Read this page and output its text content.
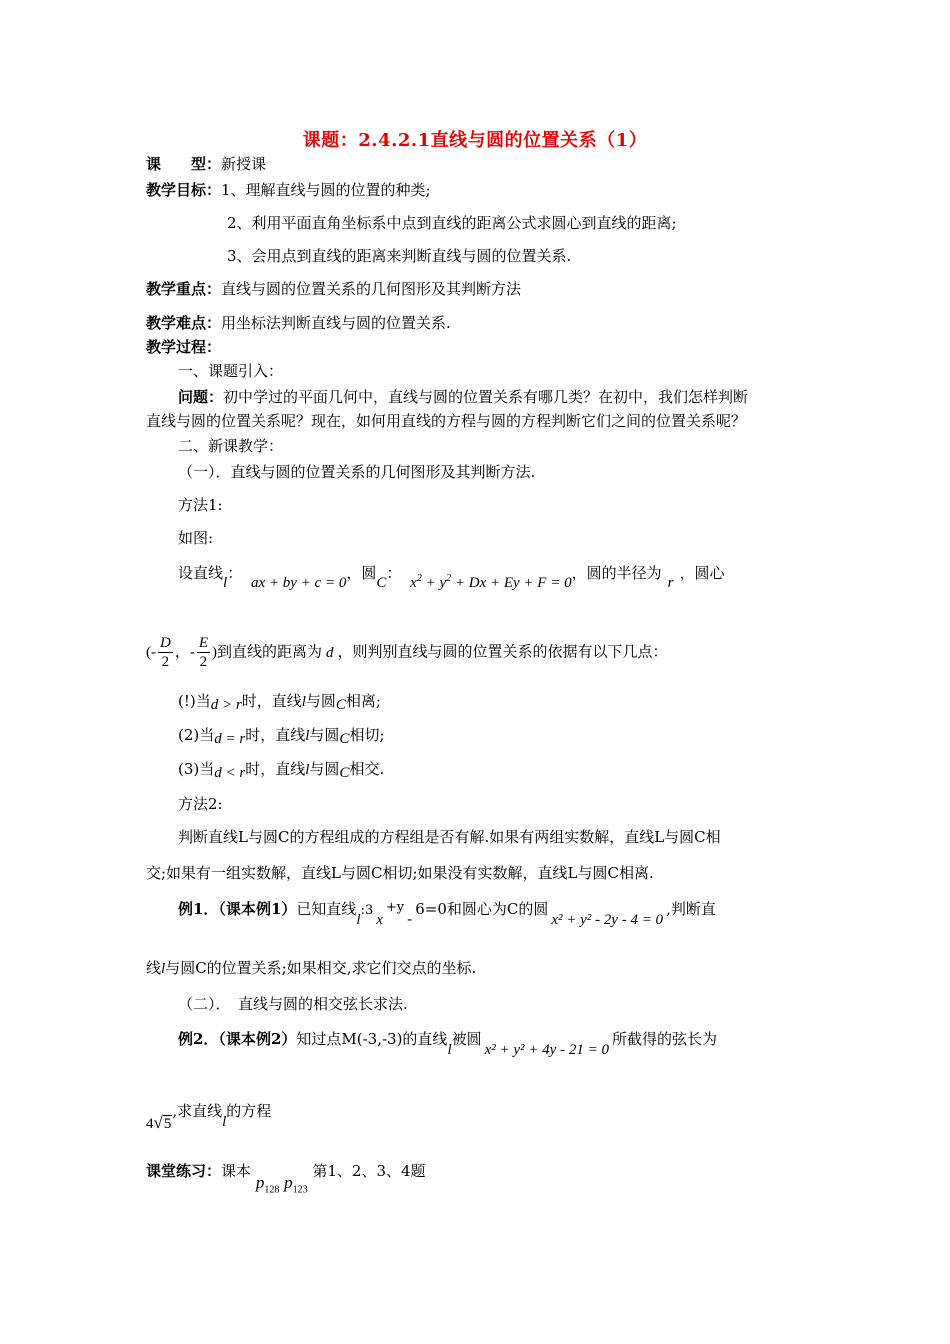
课题：2.4.2.1直线与圆的位置关系（1）
课　　型：新授课
教学目标：1、理解直线与圆的位置的种类;
2、利用平面直角坐标系中点到直线的距离公式求圆心到直线的距离;
3、会用点到直线的距离来判断直线与圆的位置关系.
教学重点：直线与圆的位置关系的几何图形及其判断方法
教学难点：用坐标法判断直线与圆的位置关系.
教学过程：
一、课题引入：
问题：初中学过的平面几何中，直线与圆的位置关系有哪几类？在初中，我们怎样判断
直线与圆的位置关系呢？现在，如何用直线的方程与圆的方程判断它们之间的位置关系呢？
二、新课教学：
（一）．直线与圆的位置关系的几何图形及其判断方法.
方法1:
如图:
设直线l： ax + by + c = 0，圆C： $x^2 + y^2 + Dx + Ey + F = 0$，圆的半径为r，圆心
(- $\frac{D}{2}$ ，- $\frac{E}{2}$ )到直线的距离为 d ，则判别直线与圆的位置关系的依据有以下几点：
(!)当d > r时，直线l与圆C相离;
(2)当d = r时，直线l与圆C相切;
(3)当d < r时，直线l与圆C相交.
方法2:
判断直线L与圆C的方程组成的方程组是否有解.如果有两组实数解，直线L与圆C相
交;如果有一组实数解，直线L与圆C相切;如果没有实数解，直线L与圆C相离.
例1．（课本例1）已知直线l:3x+y-6=0和圆心为C的圆x² + y² - 2y - 4 = 0,判断直
线l与圆C的位置关系;如果相交,求它们交点的坐标.
（二）．　直线与圆的相交弦长求法.
例2．（课本例2）知过点M(-3,-3)的直线l被圆x² + y² + 4y - 21 = 0所截得的弦长为
4√5,求直线l的方程
课堂练习：课本 $p_{128}$ $p_{123}$ 第1、2、3、4题
